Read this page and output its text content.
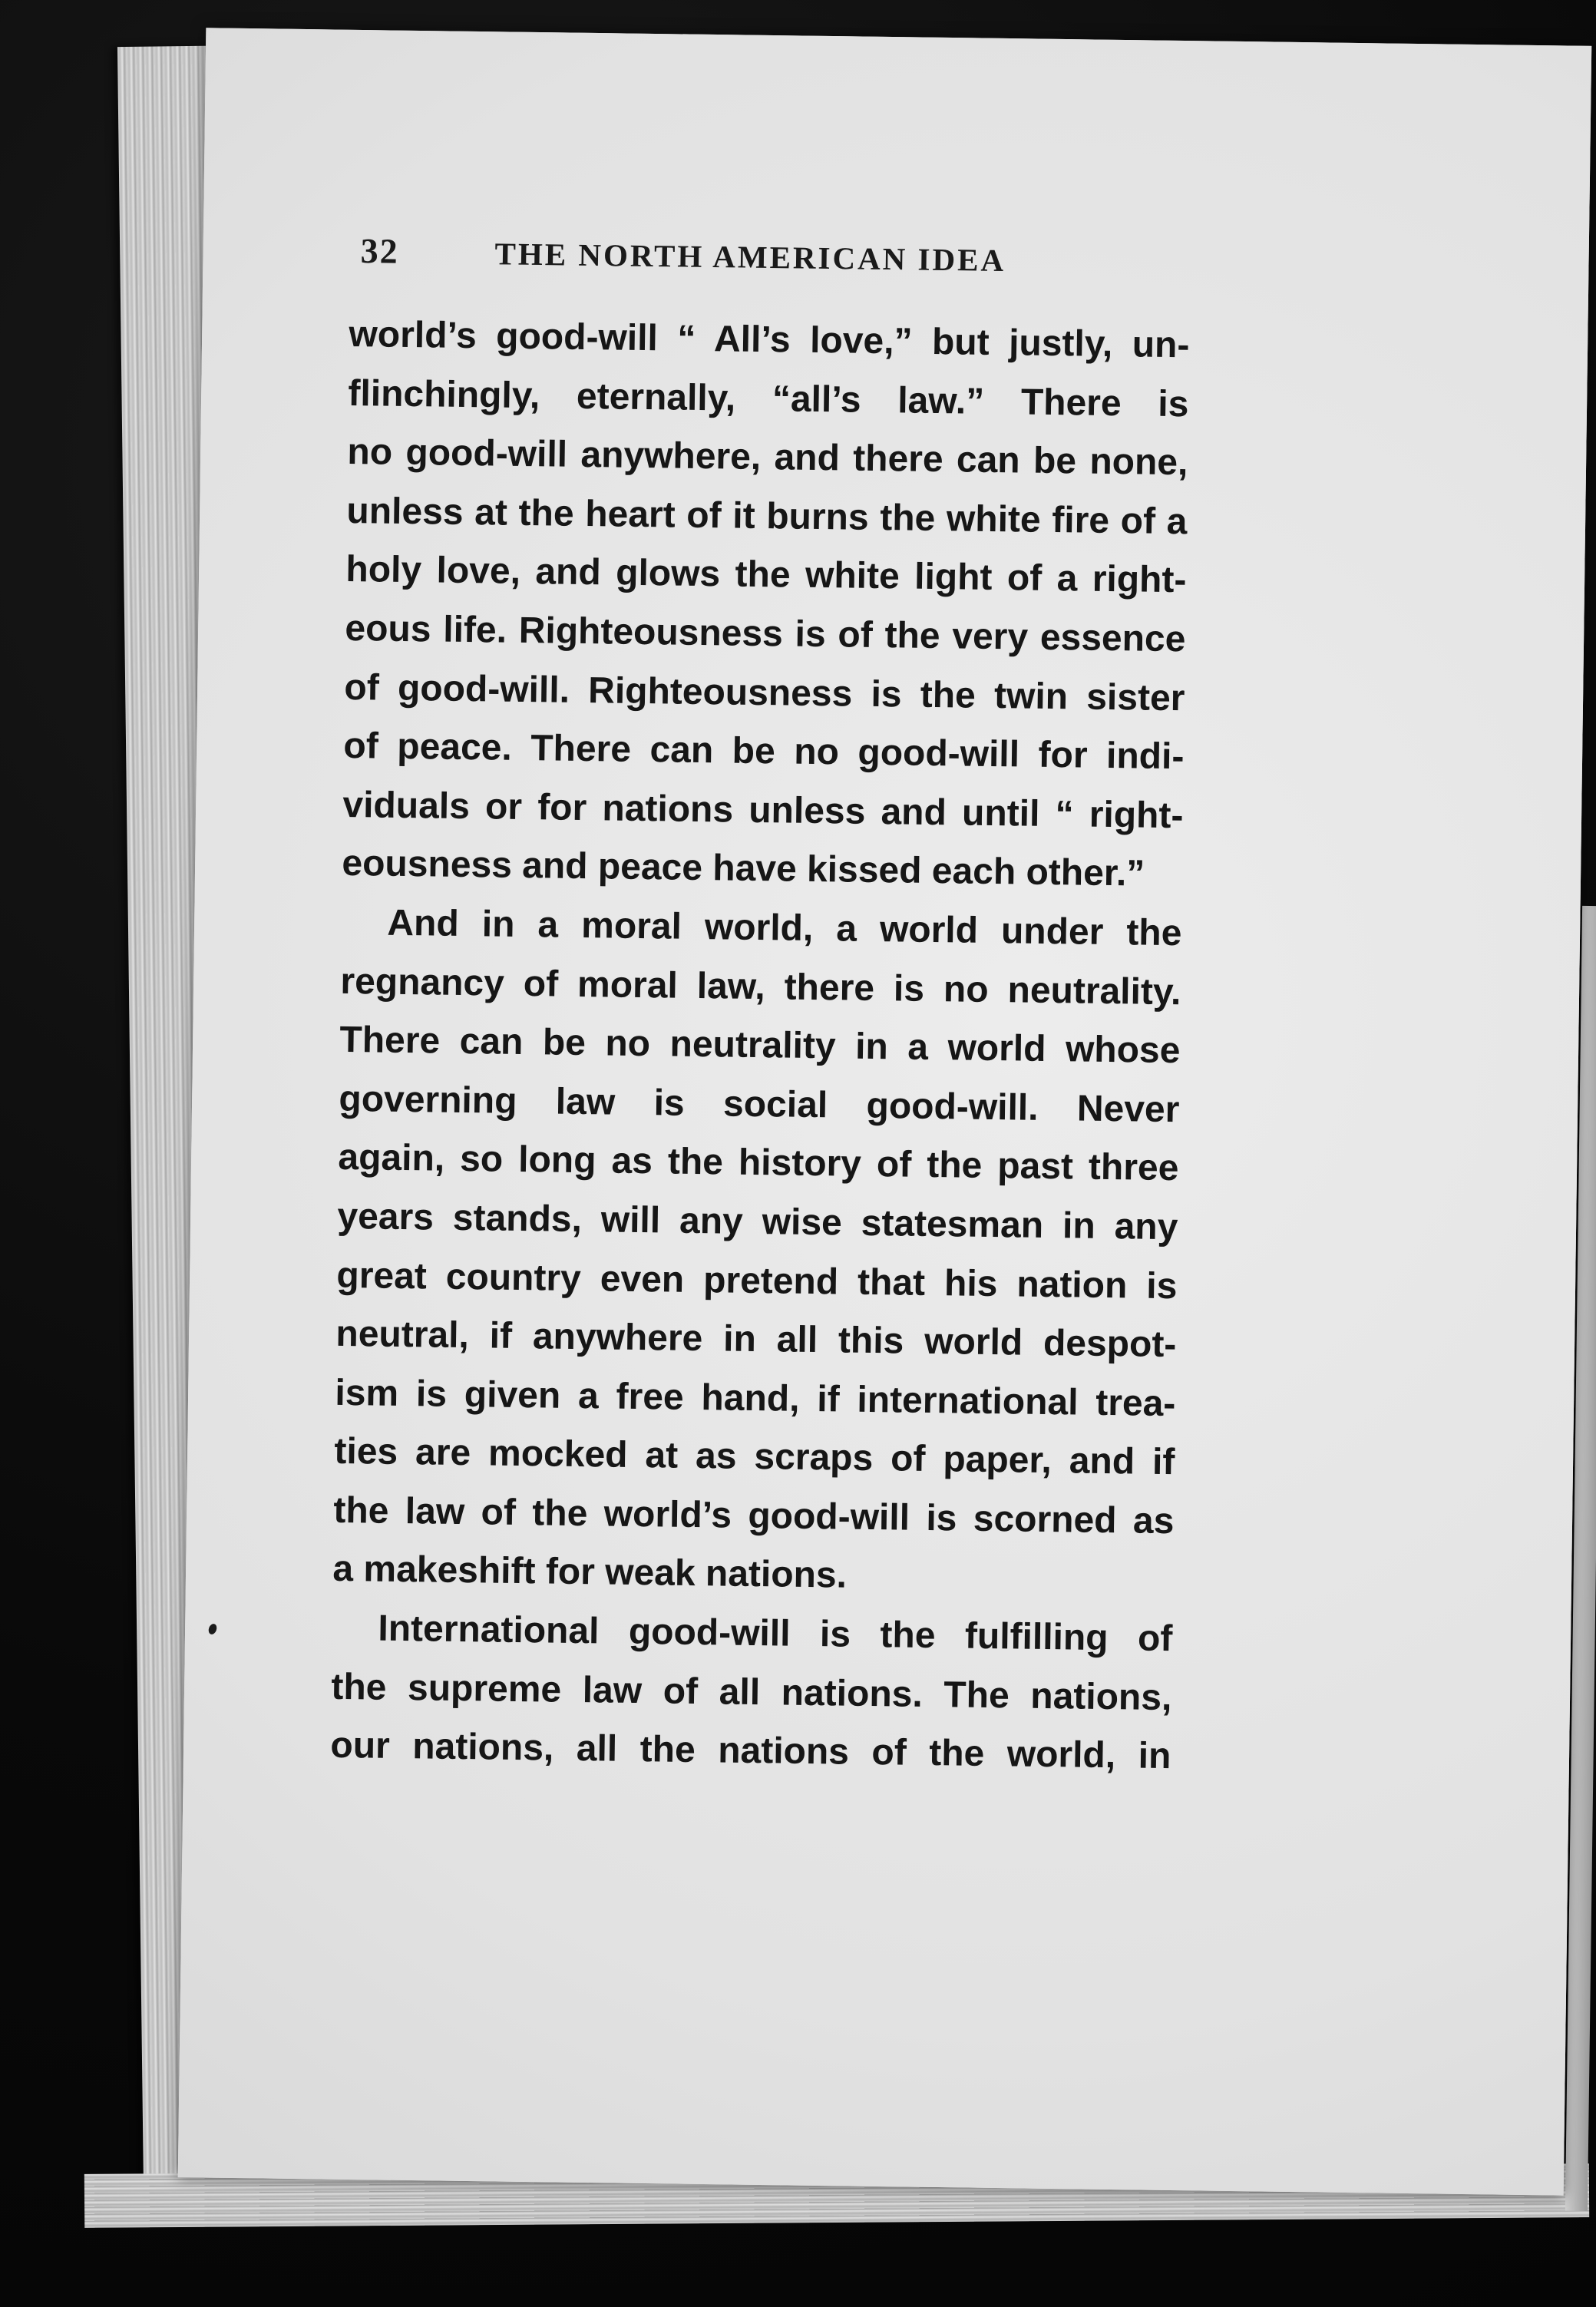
32	THE NORTH AMERICAN IDEA
world’s good-will “ All’s love,” but justly, un-
flinchingly, eternally, “all’s law.” There is
no good-will anywhere, and there can be none,
unless at the heart of it burns the white fire of a
holy love, and glows the white light of a right-
eous life. Righteousness is of the very essence
of good-will. Righteousness is the twin sister
of peace. There can be no good-will for indi-
viduals or for nations unless and until “ right-
eousness and peace have kissed each other.”
And in a moral world, a world under the
regnancy of moral law, there is no neutrality.
There can be no neutrality in a world whose
governing law is social good-will. Never
again, so long as the history of the past three
years stands, will any wise statesman in any
great country even pretend that his nation is
neutral, if anywhere in all this world despot-
ism is given a free hand, if international trea-
ties are mocked at as scraps of paper, and if
the law of the world’s good-will is scorned as
a makeshift for weak nations.
International good-will is the fulfilling of
the supreme law of all nations. The nations,
our nations, all the nations of the world, in
